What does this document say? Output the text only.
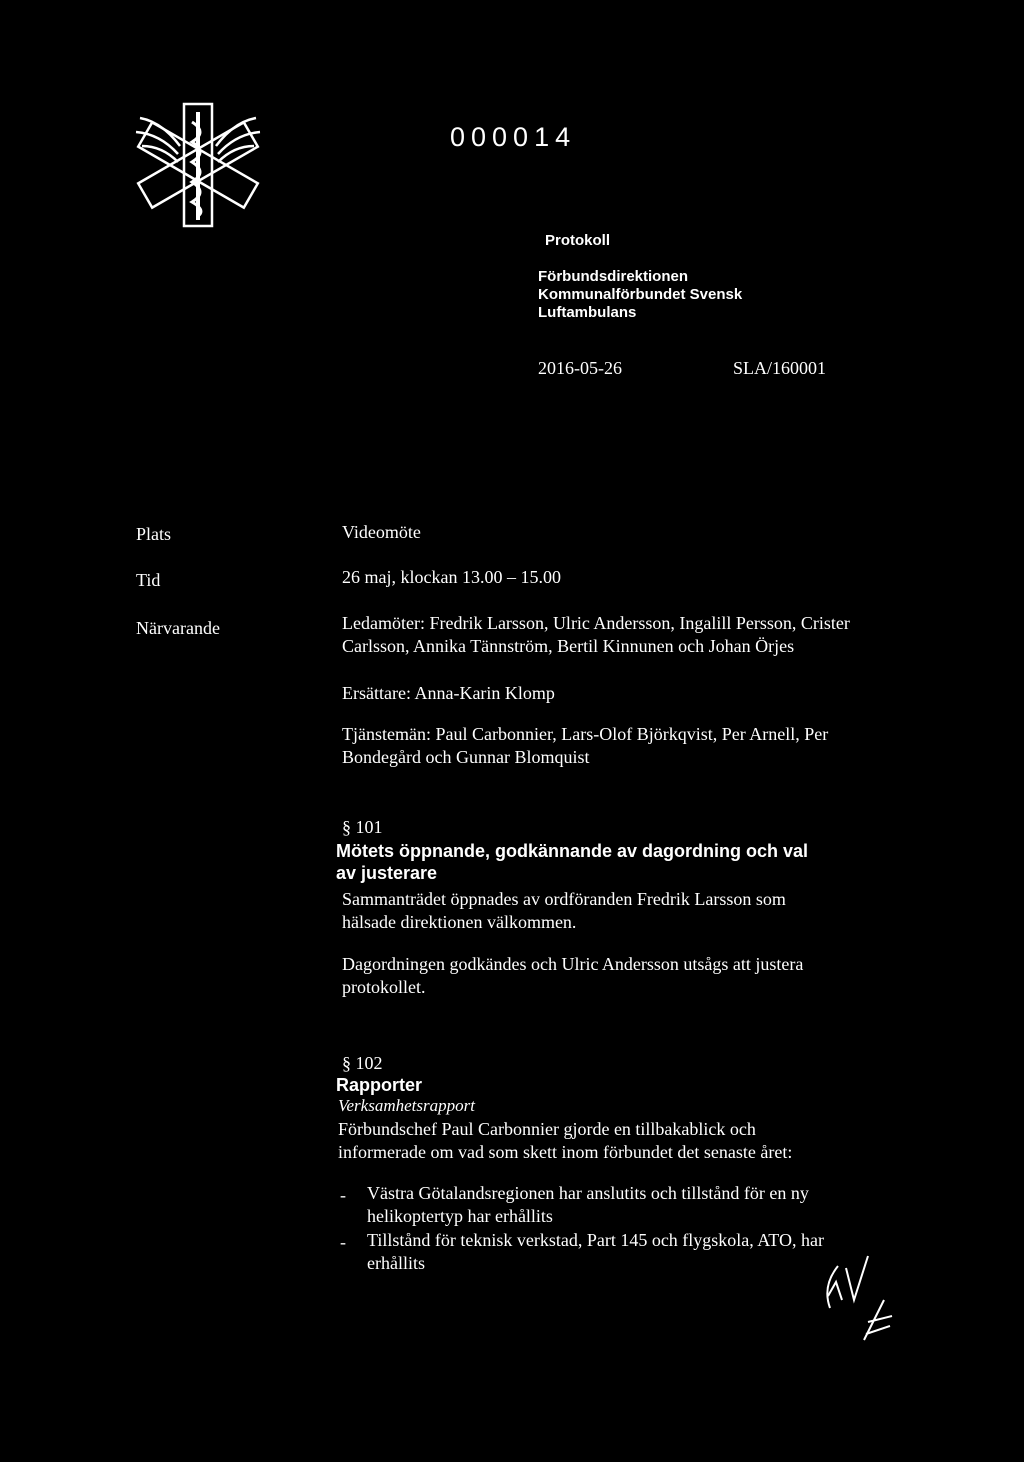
000014
Protokoll
Förbundsdirektionen
Kommunalförbundet Svensk
Luftambulans
2016-05-26	SLA/160001
Plats	Videomöte
Tid	26 maj, klockan 13.00 – 15.00
Närvarande	Ledamöter: Fredrik Larsson, Ulric Andersson, Ingalill Persson, Crister
Carlsson, Annika Tännström, Bertil Kinnunen och Johan Örjes
Ersättare: Anna-Karin Klomp
Tjänstemän: Paul Carbonnier, Lars-Olof Björkqvist, Per Arnell, Per
Bondegård och Gunnar Blomquist
§ 101
Mötets öppnande, godkännande av dagordning och val
av justerare
Sammanträdet öppnades av ordföranden Fredrik Larsson som
hälsade direktionen välkommen.
Dagordningen godkändes och Ulric Andersson utsågs att justera
protokollet.
§ 102
Rapporter
Verksamhetsrapport
Förbundschef Paul Carbonnier gjorde en tillbakablick och
informerade om vad som skett inom förbundet det senaste året:
- Västra Götalandsregionen har anslutits och tillstånd för en ny
helikoptertyp har erhållits
- Tillstånd för teknisk verkstad, Part 145 och flygskola, ATO, har
erhållits
